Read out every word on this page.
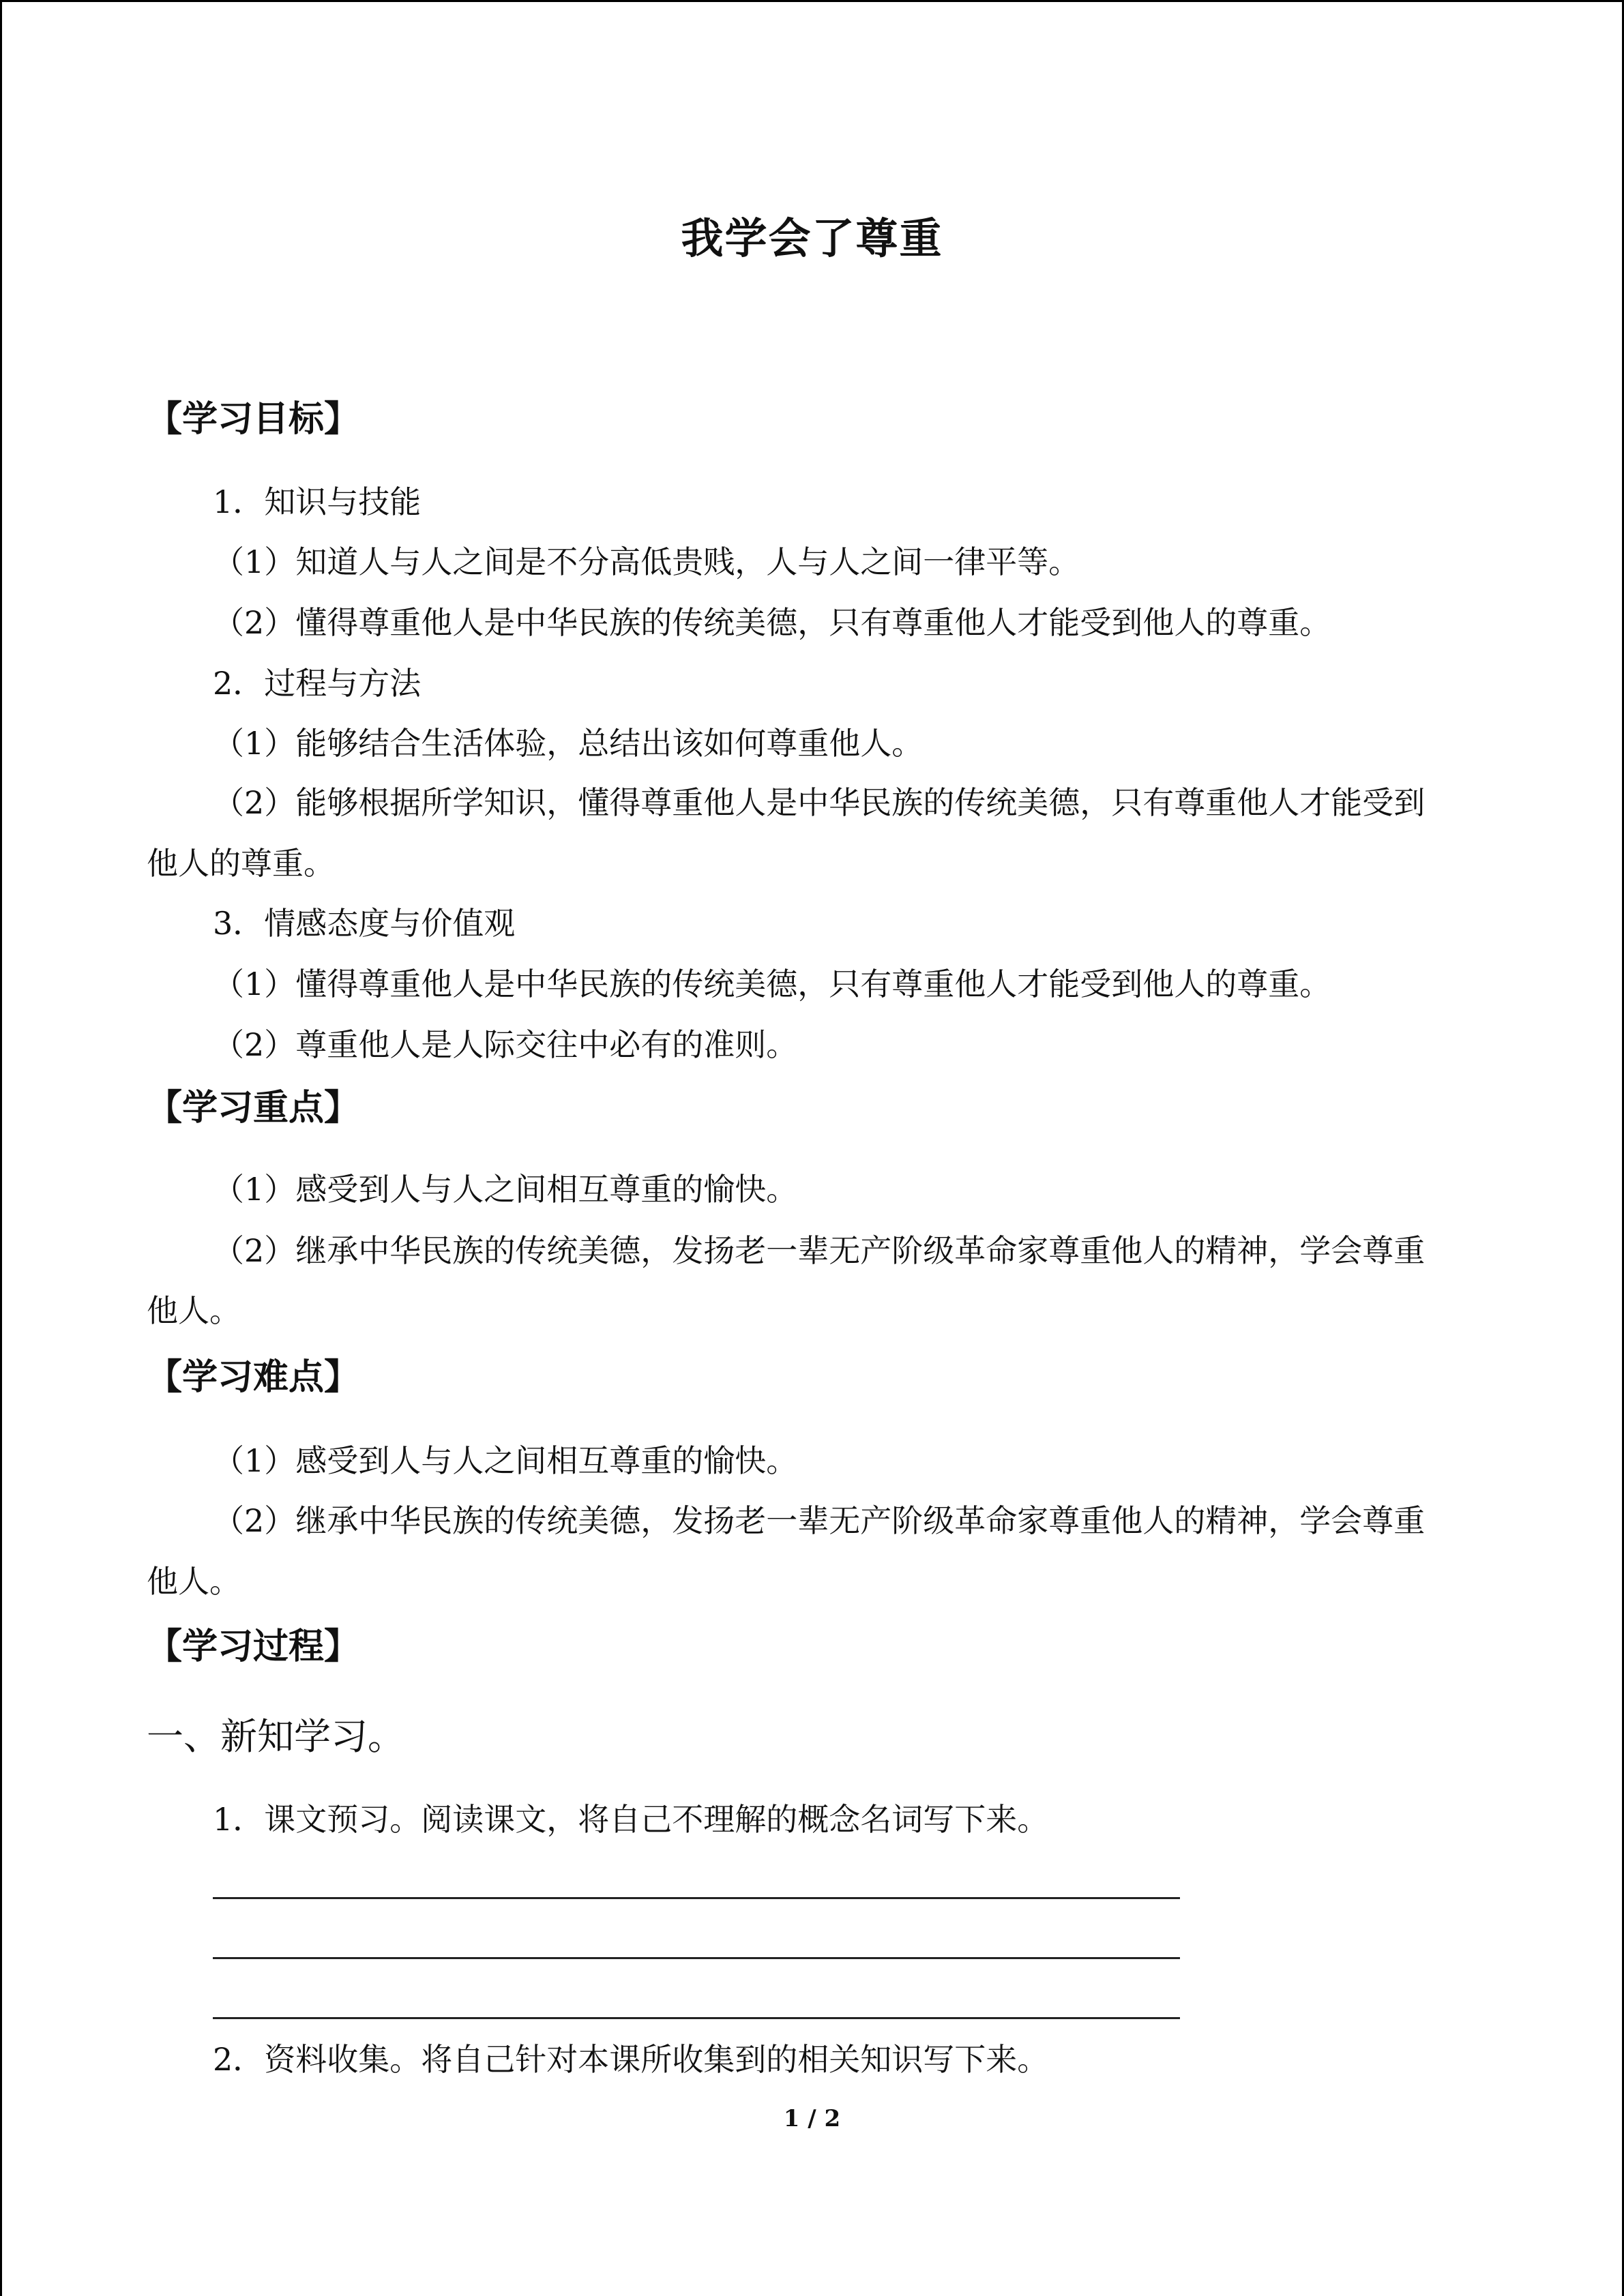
我学会了尊重
【学习目标】
1．知识与技能
（1）知道人与人之间是不分高低贵贱，人与人之间一律平等。
（2）懂得尊重他人是中华民族的传统美德，只有尊重他人才能受到他人的尊重。
2．过程与方法
（1）能够结合生活体验，总结出该如何尊重他人。
（2）能够根据所学知识，懂得尊重他人是中华民族的传统美德，只有尊重他人才能受到
他人的尊重。
3．情感态度与价值观
（1）懂得尊重他人是中华民族的传统美德，只有尊重他人才能受到他人的尊重。
（2）尊重他人是人际交往中必有的准则。
【学习重点】
（1）感受到人与人之间相互尊重的愉快。
（2）继承中华民族的传统美德，发扬老一辈无产阶级革命家尊重他人的精神，学会尊重
他人。
【学习难点】
（1）感受到人与人之间相互尊重的愉快。
（2）继承中华民族的传统美德，发扬老一辈无产阶级革命家尊重他人的精神，学会尊重
他人。
【学习过程】
一、新知学习。
1．课文预习。阅读课文，将自己不理解的概念名词写下来。
2．资料收集。将自己针对本课所收集到的相关知识写下来。
1 / 2
